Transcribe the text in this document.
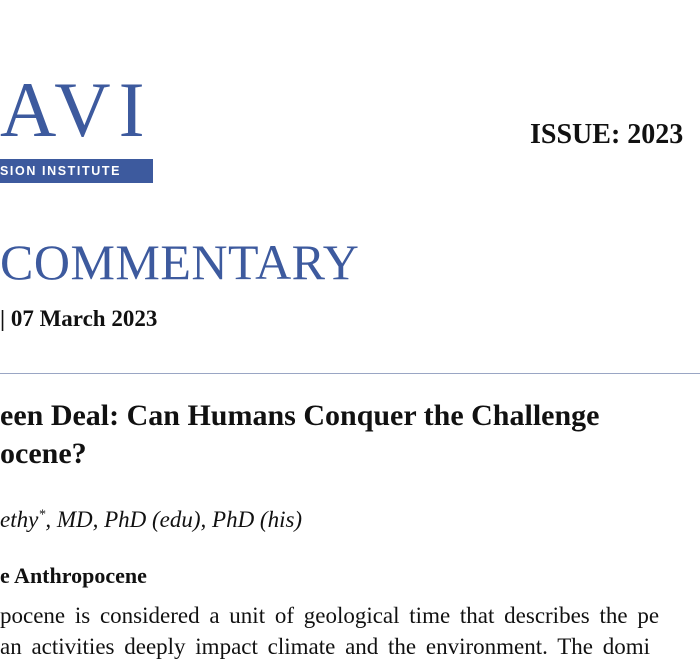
AVI
SION INSTITUTE
ISSUE: 2023
COMMENTARY
| 07 March 2023
een Deal: Can Humans Conquer the Challenge
ocene?
ethy*, MD, PhD (edu), PhD (his)
e Anthropocene
pocene is considered a unit of geological time that describes the pe
an activities deeply impact climate and the environment. The domi
